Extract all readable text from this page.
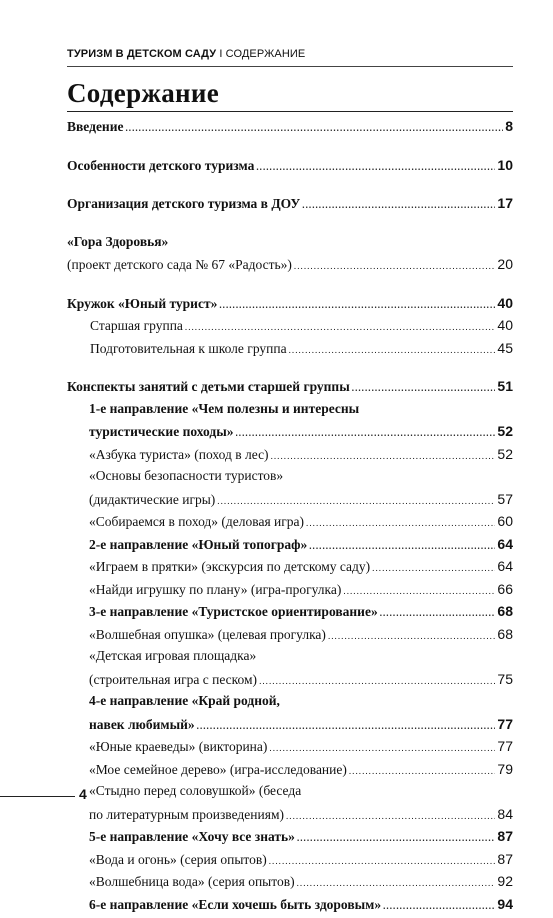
ТУРИЗМ В ДЕТСКОМ САДУ I СОДЕРЖАНИЕ
Содержание
Введение . . .	8
Особенности детского туризма . . .	10
Организация детского туризма в ДОУ . . .	17
«Гора Здоровья»
(проект детского сада № 67 «Радость») . . .	20
Кружок «Юный турист» . . .	40
Старшая группа . . .	40
Подготовительная к школе группа . . .	45
Конспекты занятий с детьми старшей группы . . .	51
1-е направление «Чем полезны и интересны
туристические походы» . . .	52
«Азбука туриста» (поход в лес) . . .	52
«Основы безопасности туристов»
(дидактические игры) . . .	57
«Собираемся в поход» (деловая игра) . . .	60
2-е направление «Юный топограф» . . .	64
«Играем в прятки» (экскурсия по детскому саду) . . .	64
«Найди игрушку по плану» (игра-прогулка) . . .	66
3-е направление «Туристское ориентирование» . . .	68
«Волшебная опушка» (целевая прогулка) . . .	68
«Детская игровая площадка»
(строительная игра с песком) . . .	75
4-е направление «Край родной,
навек любимый» . . .	77
«Юные краеведы» (викторина) . . .	77
«Мое семейное дерево» (игра-исследование) . . .	79
«Стыдно перед соловушкой» (беседа
по литературным произведениям) . . .	84
5-е направление «Хочу все знать» . . .	87
«Вода и огонь» (серия опытов) . . .	87
«Волшебница вода» (серия опытов) . . .	92
6-е направление «Если хочешь быть здоровым» . . .	94
4
